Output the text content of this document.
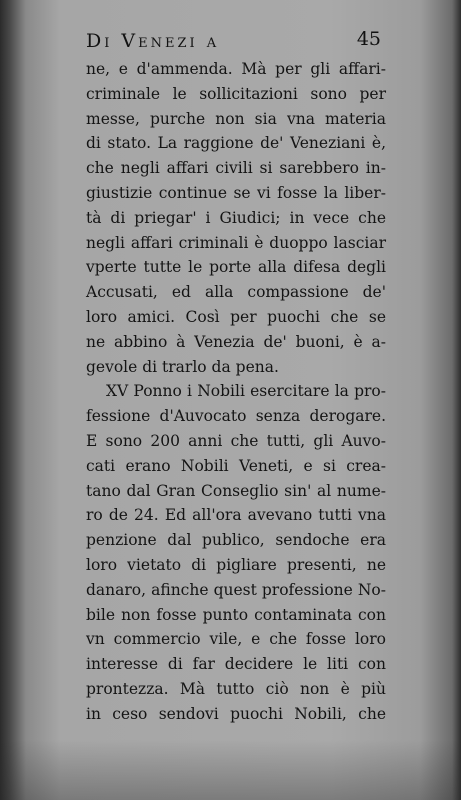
Di Venezi a	45
ne, e d'ammenda. Mà per gli affari-
criminale le sollicitazioni sono per
messe, purche non sia vna materia
di stato. La raggione de' Veneziani è,
che negli affari civili si sarebbero in-
giustizie continue se vi fosse la liber-
tà di priegar' i Giudici; in vece che
negli affari criminali è duoppo lasciar
vperte tutte le porte alla difesa degli
Accusati, ed alla compassione de'
loro amici. Così per puochi che se
ne abbino à Venezia de' buoni, è a-
gevole di trarlo da pena.
XV Ponno i Nobili esercitare la pro-
fessione d'Auvocato senza derogare.
E sono 200 anni che tutti, gli Auvo-
cati erano Nobili Veneti, e si crea-
tano dal Gran Conseglio sin' al nume-
ro de 24. Ed all'ora avevano tutti vna
penzione dal publico, sendoche era
loro vietato di pigliare presenti, ne
danaro, afinche quest professione No-
bile non fosse punto contaminata con
vn commercio vile, e che fosse loro
interesse di far decidere le liti con
prontezza. Mà tutto ciò non è più
in ceso sendovi puochi Nobili, che
